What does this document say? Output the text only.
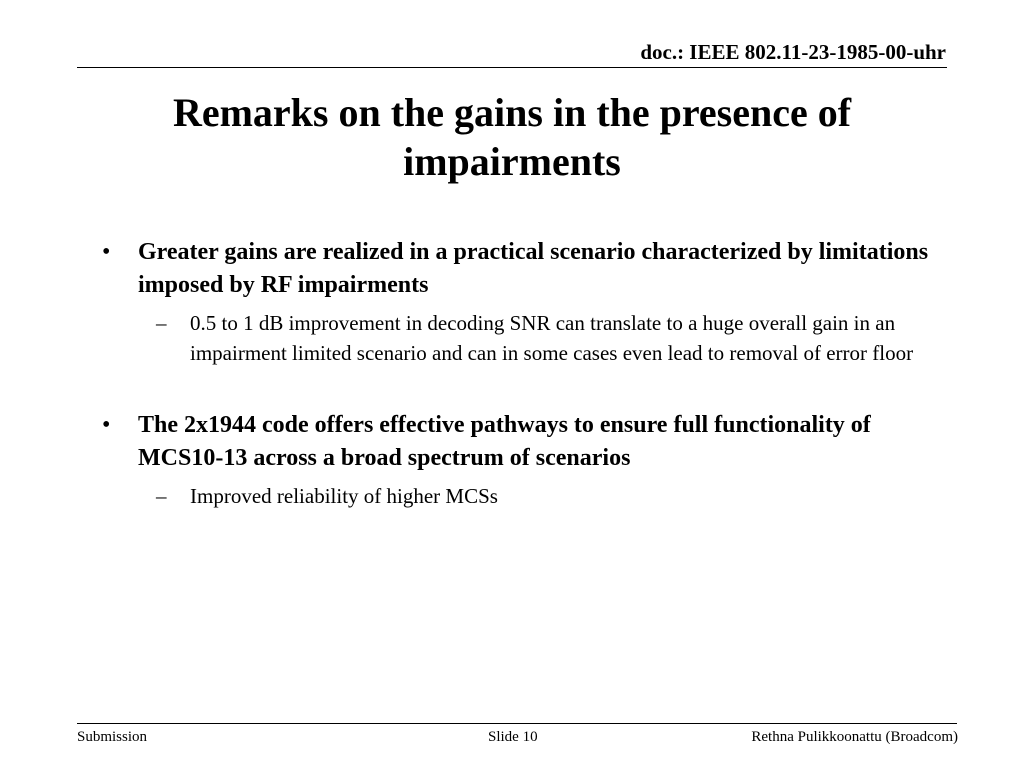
doc.: IEEE 802.11-23-1985-00-uhr
Remarks on the gains in the presence of
impairments
• Greater gains are realized in a practical scenario characterized by limitations imposed by RF impairments
– 0.5 to 1 dB improvement in decoding SNR can translate to a huge overall gain in an impairment limited scenario and can in some cases even lead to removal of error floor
• The 2x1944 code offers effective pathways to ensure full functionality of MCS10-13 across a broad spectrum of scenarios
– Improved reliability of higher MCSs
Submission	Slide 10	Rethna Pulikkoonattu (Broadcom)
